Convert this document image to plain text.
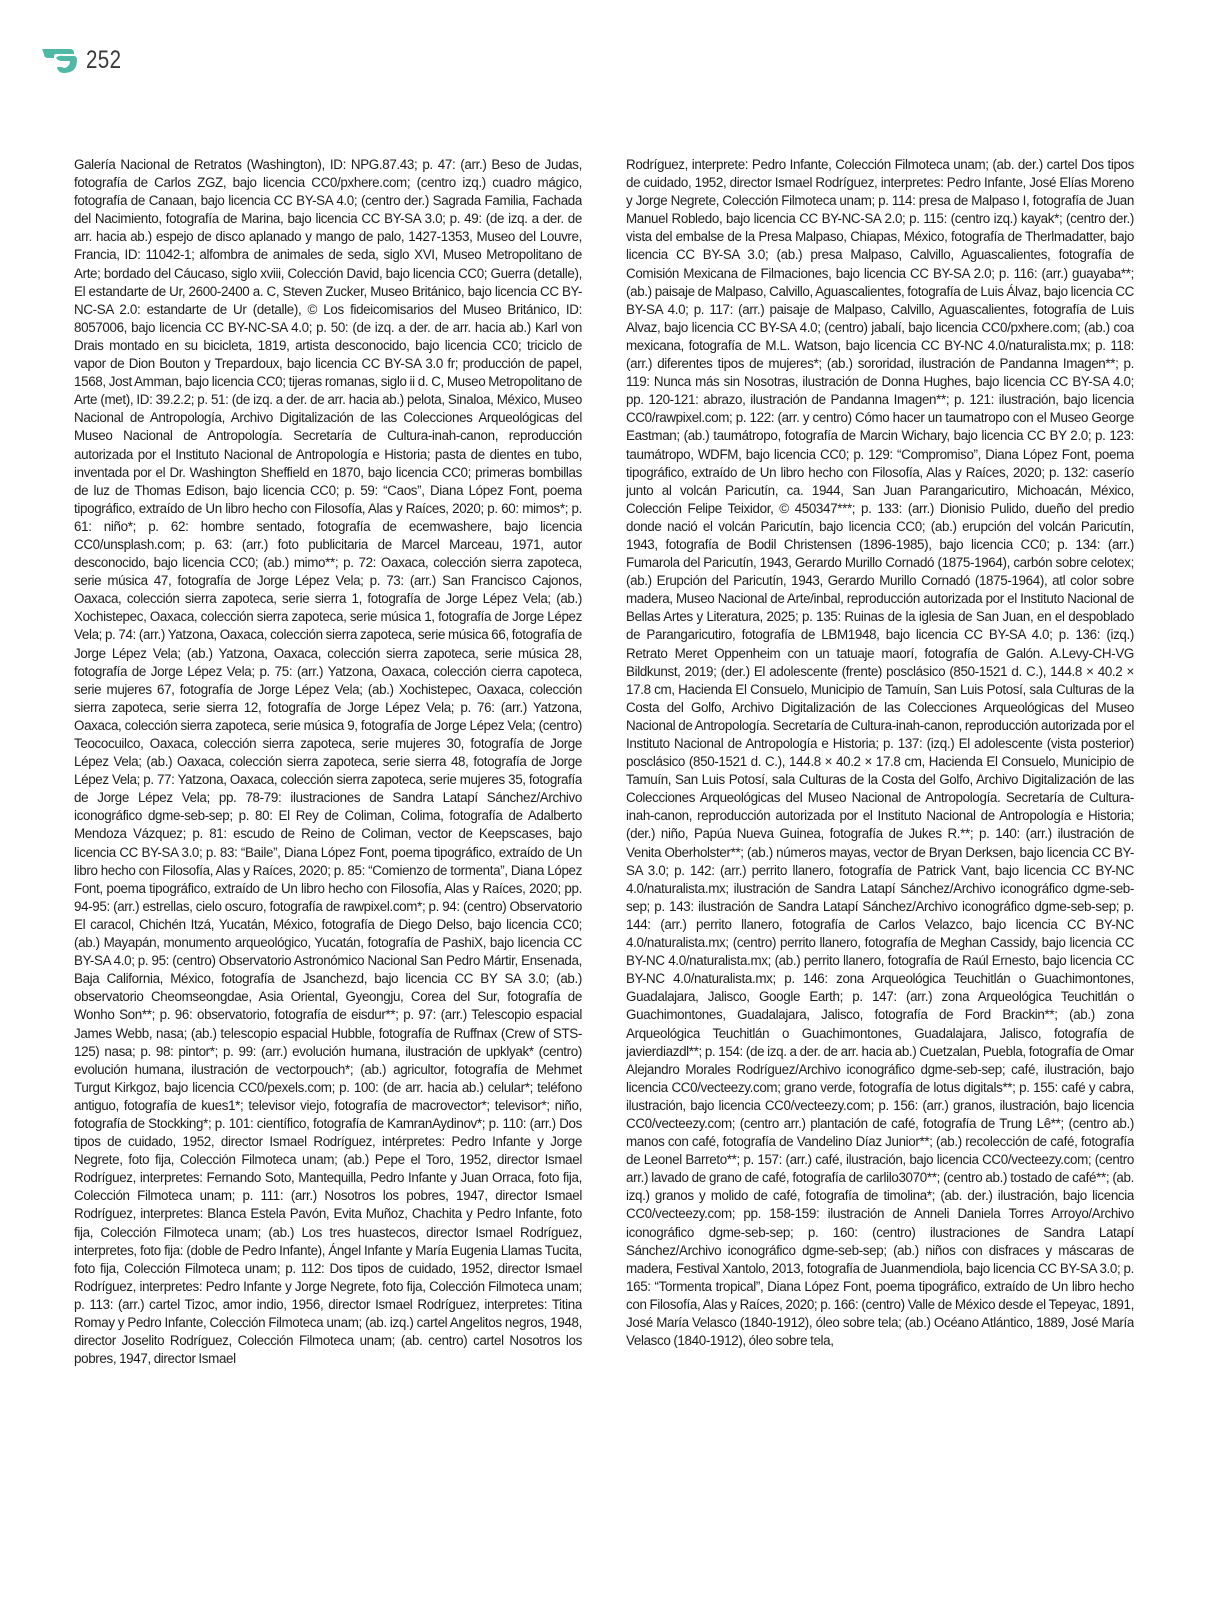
252

Galería Nacional de Retratos (Washington), ID: NPG.87.43; p. 47: (arr.) Beso de Judas, fotografía de Carlos ZGZ, bajo licencia CC0/pxhere.com; (centro izq.) cuadro mágico, fotografía de Canaan, bajo licencia CC BY-SA 4.0; (centro der.) Sagrada Familia, Fachada del Nacimiento, fotografía de Marina, bajo licencia CC BY-SA 3.0; p. 49: (de izq. a der. de arr. hacia ab.) espejo de disco aplanado y mango de palo, 1427-1353, Museo del Louvre, Francia, ID: 11042-1; alfombra de animales de seda, siglo XVI, Museo Metropolitano de Arte; bordado del Cáucaso, siglo xviii, Colección David, bajo licencia CC0; Guerra (detalle), El estandarte de Ur, 2600-2400 a. C, Steven Zucker, Museo Británico, bajo licencia CC BY-NC-SA 2.0: estandarte de Ur (detalle), © Los fideicomisarios del Museo Británico, ID: 8057006, bajo licencia CC BY-NC-SA 4.0; p. 50: (de izq. a der. de arr. hacia ab.) Karl von Drais montado en su bicicleta, 1819, artista desconocido, bajo licencia CC0; triciclo de vapor de Dion Bouton y Trepardoux, bajo licencia CC BY-SA 3.0 fr; producción de papel, 1568, Jost Amman, bajo licencia CC0; tijeras romanas, siglo ii d. C, Museo Metropolitano de Arte (met), ID: 39.2.2; p. 51: (de izq. a der. de arr. hacia ab.) pelota, Sinaloa, México, Museo Nacional de Antropología, Archivo Digitalización de las Colecciones Arqueológicas del Museo Nacional de Antropología. Secretaría de Cultura-inah-canon, reproducción autorizada por el Instituto Nacional de Antropología e Historia; pasta de dientes en tubo, inventada por el Dr. Washington Sheffield en 1870, bajo licencia CC0; primeras bombillas de luz de Thomas Edison, bajo licencia CC0; p. 59: “Caos”, Diana López Font, poema tipográfico, extraído de Un libro hecho con Filosofía, Alas y Raíces, 2020; p. 60: mimos*; p. 61: niño*; p. 62: hombre sentado, fotografía de ecemwashere, bajo licencia CC0/unsplash.com; p. 63: (arr.) foto publicitaria de Marcel Marceau, 1971, autor desconocido, bajo licencia CC0; (ab.) mimo**; p. 72: Oaxaca, colección sierra zapoteca, serie música 47, fotografía de Jorge Lépez Vela; p. 73: (arr.) San Francisco Cajonos, Oaxaca, colección sierra zapoteca, serie sierra 1, fotografía de Jorge Lépez Vela; (ab.) Xochistepec, Oaxaca, colección sierra zapoteca, serie música 1, fotografía de Jorge Lépez Vela; p. 74: (arr.) Yatzona, Oaxaca, colección sierra zapoteca, serie música 66, fotografía de Jorge Lépez Vela; (ab.) Yatzona, Oaxaca, colección sierra zapoteca, serie música 28, fotografía de Jorge Lépez Vela; p. 75: (arr.) Yatzona, Oaxaca, colección cierra capoteca, serie mujeres 67, fotografía de Jorge Lépez Vela; (ab.) Xochistepec, Oaxaca, colección sierra zapoteca, serie sierra 12, fotografía de Jorge Lépez Vela; p. 76: (arr.) Yatzona, Oaxaca, colección sierra zapoteca, serie música 9, fotografía de Jorge Lépez Vela; (centro) Teococuilco, Oaxaca, colección sierra zapoteca, serie mujeres 30, fotografía de Jorge Lépez Vela; (ab.) Oaxaca, colección sierra zapoteca, serie sierra 48, fotografía de Jorge Lépez Vela; p. 77: Yatzona, Oaxaca, colección sierra zapoteca, serie mujeres 35, fotografía de Jorge Lépez Vela; pp. 78-79: ilustraciones de Sandra Latapí Sánchez/Archivo iconográfico dgme-seb-sep; p. 80: El Rey de Coliman, Colima, fotografía de Adalberto Mendoza Vázquez; p. 81: escudo de Reino de Coliman, vector de Keepscases, bajo licencia CC BY-SA 3.0; p. 83: “Baile”, Diana López Font, poema tipográfico, extraído de Un libro hecho con Filosofía, Alas y Raíces, 2020; p. 85: “Comienzo de tormenta”, Diana López Font, poema tipográfico, extraído de Un libro hecho con Filosofía, Alas y Raíces, 2020; pp. 94-95: (arr.) estrellas, cielo oscuro, fotografía de rawpixel.com*; p. 94: (centro) Observatorio El caracol, Chichén Itzá, Yucatán, México, fotografía de Diego Delso, bajo licencia CC0; (ab.) Mayapán, monumento arqueológico, Yucatán, fotografía de PashiX, bajo licencia CC BY-SA 4.0; p. 95: (centro) Observatorio Astronómico Nacional San Pedro Mártir, Ensenada, Baja California, México, fotografía de Jsanchezd, bajo licencia CC BY SA 3.0; (ab.) observatorio Cheomseongdae, Asia Oriental, Gyeongju, Corea del Sur, fotografía de Wonho Son**; p. 96: observatorio, fotografía de eisdur**; p. 97: (arr.) Telescopio espacial James Webb, nasa; (ab.) telescopio espacial Hubble, fotografía de Ruffnax (Crew of STS-125) nasa; p. 98: pintor*; p. 99: (arr.) evolución humana, ilustración de upklyak* (centro) evolución humana, ilustración de vectorpouch*; (ab.) agricultor, fotografía de Mehmet Turgut Kirkgoz, bajo licencia CC0/pexels.com; p. 100: (de arr. hacia ab.) celular*; teléfono antiguo, fotografía de kues1*; televisor viejo, fotografía de macrovector*; televisor*; niño, fotografía de Stockking*; p. 101: científico, fotografía de KamranAydinov*; p. 110: (arr.) Dos tipos de cuidado, 1952, director Ismael Rodríguez, intérpretes: Pedro Infante y Jorge Negrete, foto fija, Colección Filmoteca unam; (ab.) Pepe el Toro, 1952, director Ismael Rodríguez, interpretes: Fernando Soto, Mantequilla, Pedro Infante y Juan Orraca, foto fija, Colección Filmoteca unam; p. 111: (arr.) Nosotros los pobres, 1947, director Ismael Rodríguez, interpretes: Blanca Estela Pavón, Evita Muñoz, Chachita y Pedro Infante, foto fija, Colección Filmoteca unam; (ab.) Los tres huastecos, director Ismael Rodríguez, interpretes, foto fija: (doble de Pedro Infante), Ángel Infante y María Eugenia Llamas Tucita, foto fija, Colección Filmoteca unam; p. 112: Dos tipos de cuidado, 1952, director Ismael Rodríguez, interpretes: Pedro Infante y Jorge Negrete, foto fija, Colección Filmoteca unam; p. 113: (arr.) cartel Tizoc, amor indio, 1956, director Ismael Rodríguez, interpretes: Titina Romay y Pedro Infante, Colección Filmoteca unam; (ab. izq.) cartel Angelitos negros, 1948, director Joselito Rodríguez, Colección Filmoteca unam; (ab. centro) cartel Nosotros los pobres, 1947, director Ismael

Rodríguez, interprete: Pedro Infante, Colección Filmoteca unam; (ab. der.) cartel Dos tipos de cuidado, 1952, director Ismael Rodríguez, interpretes: Pedro Infante, José Elías Moreno y Jorge Negrete, Colección Filmoteca unam; p. 114: presa de Malpaso I, fotografía de Juan Manuel Robledo, bajo licencia CC BY-NC-SA 2.0; p. 115: (centro izq.) kayak*; (centro der.) vista del embalse de la Presa Malpaso, Chiapas, México, fotografía de Therlmadatter, bajo licencia CC BY-SA 3.0; (ab.) presa Malpaso, Calvillo, Aguascalientes, fotografía de Comisión Mexicana de Filmaciones, bajo licencia CC BY-SA 2.0; p. 116: (arr.) guayaba**; (ab.) paisaje de Malpaso, Calvillo, Aguascalientes, fotografía de Luis Álvaz, bajo licencia CC BY-SA 4.0; p. 117: (arr.) paisaje de Malpaso, Calvillo, Aguascalientes, fotografía de Luis Alvaz, bajo licencia CC BY-SA 4.0; (centro) jabalí, bajo licencia CC0/pxhere.com; (ab.) coa mexicana, fotografía de M.L. Watson, bajo licencia CC BY-NC 4.0/naturalista.mx; p. 118: (arr.) diferentes tipos de mujeres*; (ab.) sororidad, ilustración de Pandanna Imagen**; p. 119: Nunca más sin Nosotras, ilustración de Donna Hughes, bajo licencia CC BY-SA 4.0; pp. 120-121: abrazo, ilustración de Pandanna Imagen**; p. 121: ilustración, bajo licencia CC0/rawpixel.com; p. 122: (arr. y centro) Cómo hacer un taumatropo con el Museo George Eastman; (ab.) taumátropo, fotografía de Marcin Wichary, bajo licencia CC BY 2.0; p. 123: taumátropo, WDFM, bajo licencia CC0; p. 129: “Compromiso”, Diana López Font, poema tipográfico, extraído de Un libro hecho con Filosofía, Alas y Raíces, 2020; p. 132: caserío junto al volcán Paricutín, ca. 1944, San Juan Parangaricutiro, Michoacán, México, Colección Felipe Teixidor, © 450347***; p. 133: (arr.) Dionisio Pulido, dueño del predio donde nació el volcán Paricutín, bajo licencia CC0; (ab.) erupción del volcán Paricutín, 1943, fotografía de Bodil Christensen (1896-1985), bajo licencia CC0; p. 134: (arr.) Fumarola del Paricutín, 1943, Gerardo Murillo Cornadó (1875-1964), carbón sobre celotex; (ab.) Erupción del Paricutín, 1943, Gerardo Murillo Cornadó (1875-1964), atl color sobre madera, Museo Nacional de Arte/inbal, reproducción autorizada por el Instituto Nacional de Bellas Artes y Literatura, 2025; p. 135: Ruinas de la iglesia de San Juan, en el despoblado de Parangaricutiro, fotografía de LBM1948, bajo licencia CC BY-SA 4.0; p. 136: (izq.) Retrato Meret Oppenheim con un tatuaje maorí, fotografía de Galón. A.Levy-CH-VG Bildkunst, 2019; (der.) El adolescente (frente) posclásico (850-1521 d. C.), 144.8 × 40.2 × 17.8 cm, Hacienda El Consuelo, Municipio de Tamuín, San Luis Potosí, sala Culturas de la Costa del Golfo, Archivo Digitalización de las Colecciones Arqueológicas del Museo Nacional de Antropología. Secretaría de Cultura-inah-canon, reproducción autorizada por el Instituto Nacional de Antropología e Historia; p. 137: (izq.) El adolescente (vista posterior) posclásico (850-1521 d. C.), 144.8 × 40.2 × 17.8 cm, Hacienda El Consuelo, Municipio de Tamuín, San Luis Potosí, sala Culturas de la Costa del Golfo, Archivo Digitalización de las Colecciones Arqueológicas del Museo Nacional de Antropología. Secretaría de Cultura-inah-canon, reproducción autorizada por el Instituto Nacional de Antropología e Historia; (der.) niño, Papúa Nueva Guinea, fotografía de Jukes R.**; p. 140: (arr.) ilustración de Venita Oberholster**; (ab.) números mayas, vector de Bryan Derksen, bajo licencia CC BY-SA 3.0; p. 142: (arr.) perrito llanero, fotografía de Patrick Vant, bajo licencia CC BY-NC 4.0/naturalista.mx; ilustración de Sandra Latapí Sánchez/Archivo iconográfico dgme-seb-sep; p. 143: ilustración de Sandra Latapí Sánchez/Archivo iconográfico dgme-seb-sep; p. 144: (arr.) perrito llanero, fotografía de Carlos Velazco, bajo licencia CC BY-NC 4.0/naturalista.mx; (centro) perrito llanero, fotografía de Meghan Cassidy, bajo licencia CC BY-NC 4.0/naturalista.mx; (ab.) perrito llanero, fotografía de Raúl Ernesto, bajo licencia CC BY-NC 4.0/naturalista.mx; p. 146: zona Arqueológica Teuchitlán o Guachimontones, Guadalajara, Jalisco, Google Earth; p. 147: (arr.) zona Arqueológica Teuchitlán o Guachimontones, Guadalajara, Jalisco, fotografía de Ford Brackin**; (ab.) zona Arqueológica Teuchitlán o Guachimontones, Guadalajara, Jalisco, fotografía de javierdiazdl**; p. 154: (de izq. a der. de arr. hacia ab.) Cuetzalan, Puebla, fotografía de Omar Alejandro Morales Rodríguez/Archivo iconográfico dgme-seb-sep; café, ilustración, bajo licencia CC0/vecteezy.com; grano verde, fotografía de lotus digitals**; p. 155: café y cabra, ilustración, bajo licencia CC0/vecteezy.com; p. 156: (arr.) granos, ilustración, bajo licencia CC0/vecteezy.com; (centro arr.) plantación de café, fotografía de Trung Lê**; (centro ab.) manos con café, fotografía de Vandelino Díaz Junior**; (ab.) recolección de café, fotografía de Leonel Barreto**; p. 157: (arr.) café, ilustración, bajo licencia CC0/vecteezy.com; (centro arr.) lavado de grano de café, fotografía de carlilo3070**; (centro ab.) tostado de café**; (ab. izq.) granos y molido de café, fotografía de timolina*; (ab. der.) ilustración, bajo licencia CC0/vecteezy.com; pp. 158-159: ilustración de Anneli Daniela Torres Arroyo/Archivo iconográfico dgme-seb-sep; p. 160: (centro) ilustraciones de Sandra Latapí Sánchez/Archivo iconográfico dgme-seb-sep; (ab.) niños con disfraces y máscaras de madera, Festival Xantolo, 2013, fotografía de Juanmendiola, bajo licencia CC BY-SA 3.0; p. 165: “Tormenta tropical”, Diana López Font, poema tipográfico, extraído de Un libro hecho con Filosofía, Alas y Raíces, 2020; p. 166: (centro) Valle de México desde el Tepeyac, 1891, José María Velasco (1840-1912), óleo sobre tela; (ab.) Océano Atlántico, 1889, José María Velasco (1840-1912), óleo sobre tela,
